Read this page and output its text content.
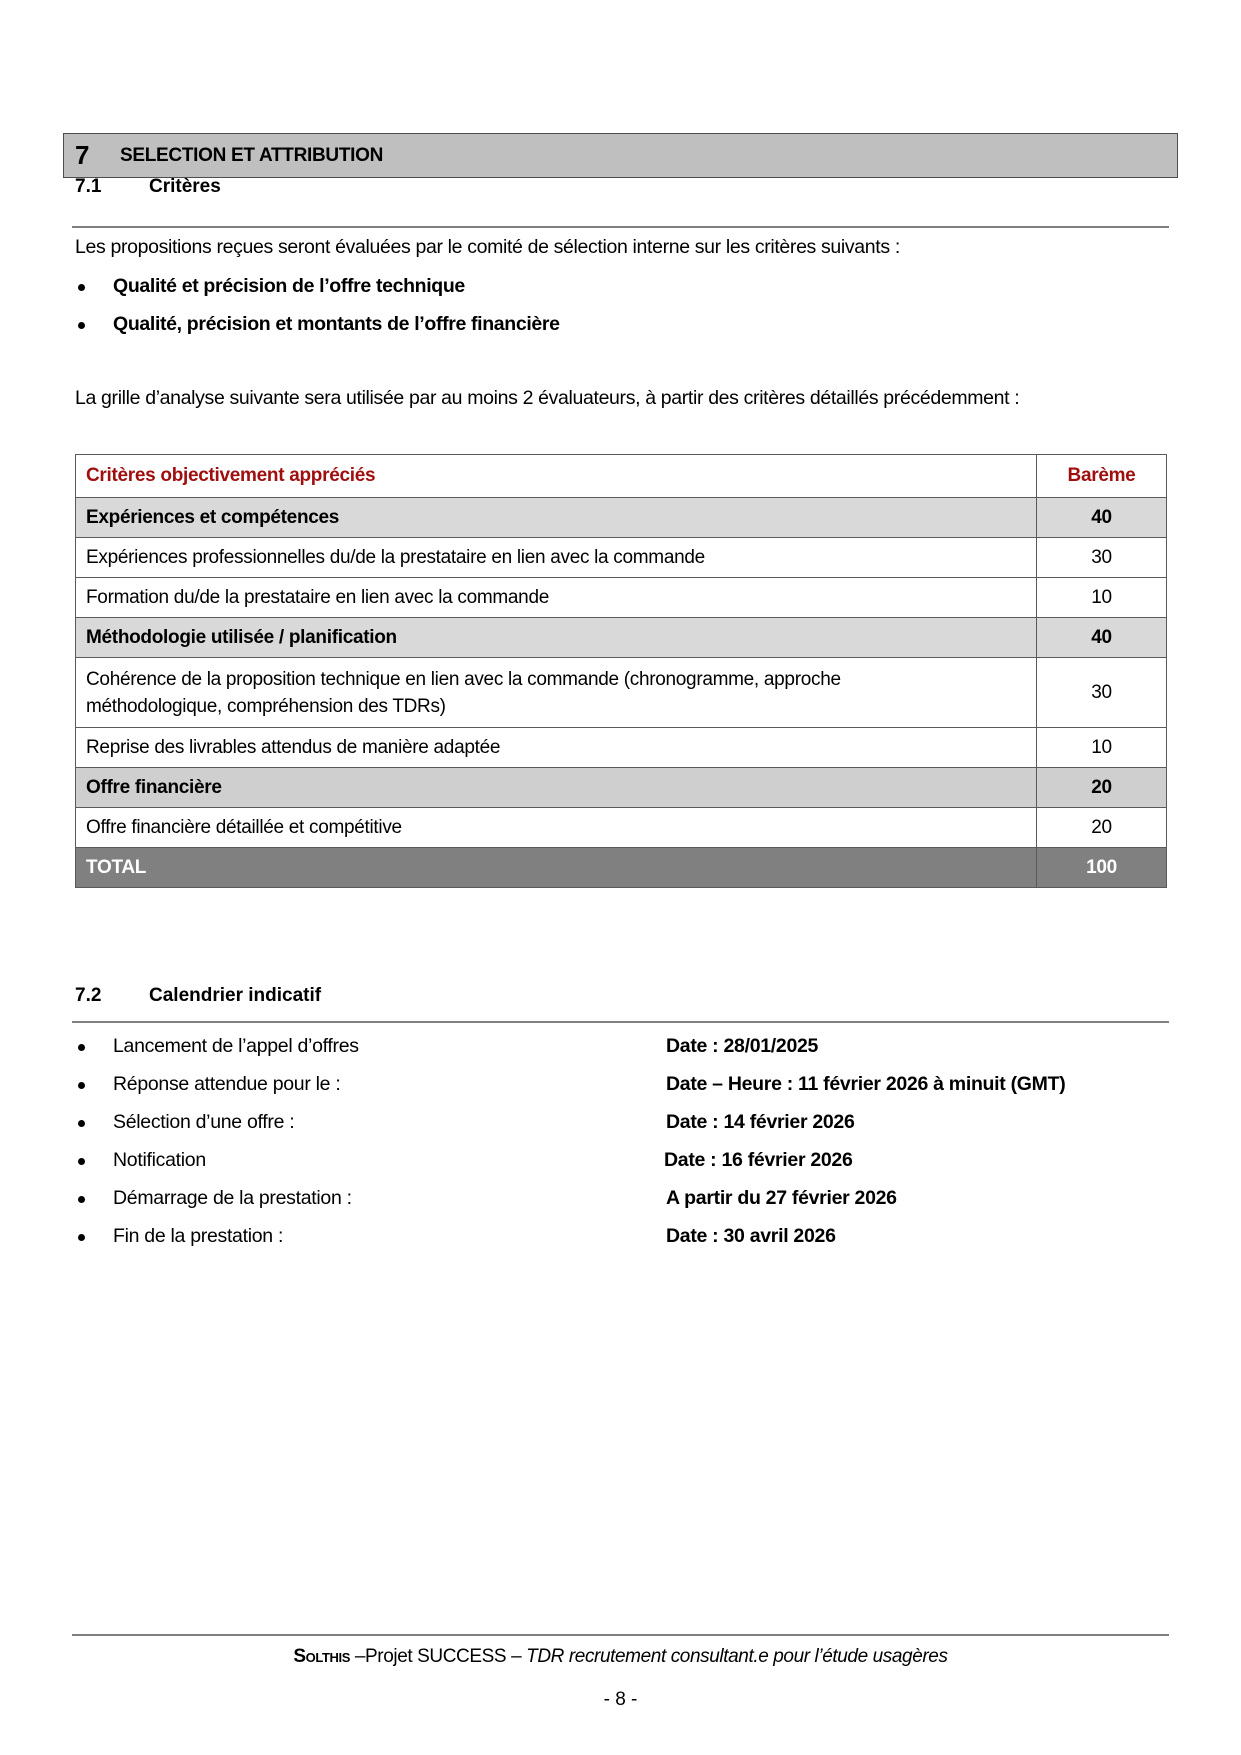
7 SELECTION ET ATTRIBUTION
7.1	Critères
Les propositions reçues seront évaluées par le comité de sélection interne sur les critères suivants :
Qualité et précision de l’offre technique
Qualité, précision et montants de l’offre financière
La grille d’analyse suivante sera utilisée par au moins 2 évaluateurs, à partir des critères détaillés précédemment :
Critères objectivement appréciés	Barème
Expériences et compétences	40
Expériences professionnelles du/de la prestataire en lien avec la commande	30
Formation du/de la prestataire en lien avec la commande	10
Méthodologie utilisée / planification	40

Cohérence de la proposition technique en lien avec la commande (chronogramme, approche
méthodologique, compréhension des TDRs)	30
Reprise des livrables attendus de manière adaptée	10
Offre financière	20
Offre financière détaillée et compétitive	20
TOTAL	100
7.2	Calendrier indicatif
Lancement de l’appel d’offres	Date : 28/01/2025
Réponse attendue pour le :	Date – Heure : 11 février 2026 à minuit (GMT)
Sélection d’une offre :	Date : 14 février 2026
Notification	Date : 16 février 2026
Démarrage de la prestation :	A partir du 27 février 2026
Fin de la prestation :	Date : 30 avril 2026
Solthis –Projet SUCCESS – TDR recrutement consultant.e pour l’étude usagères
- 8 -
